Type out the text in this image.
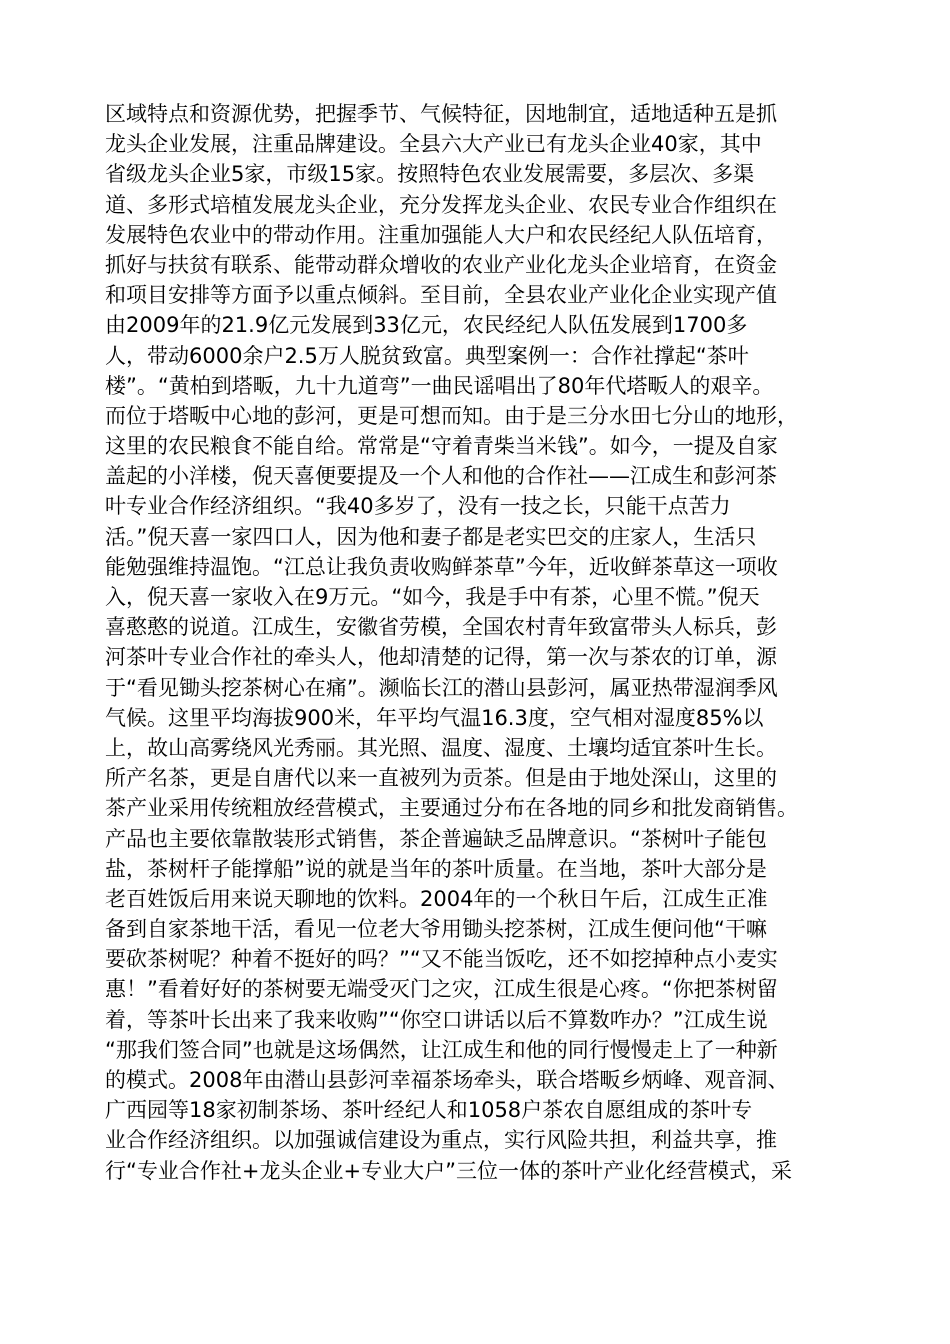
区域特点和资源优势，把握季节、气候特征，因地制宜，适地适种五是抓
龙头企业发展，注重品牌建设。全县六大产业已有龙头企业40家，其中
省级龙头企业5家，市级15家。按照特色农业发展需要，多层次、多渠
道、多形式培植发展龙头企业，充分发挥龙头企业、农民专业合作组织在
发展特色农业中的带动作用。注重加强能人大户和农民经纪人队伍培育，
抓好与扶贫有联系、能带动群众增收的农业产业化龙头企业培育，在资金
和项目安排等方面予以重点倾斜。至目前，全县农业产业化企业实现产值
由2009年的21.9亿元发展到33亿元，农民经纪人队伍发展到1700多
人，带动6000余户2.5万人脱贫致富。典型案例一：合作社撑起“茶叶
楼”。“黄柏到塔畈，九十九道弯”一曲民谣唱出了80年代塔畈人的艰辛。
而位于塔畈中心地的彭河，更是可想而知。由于是三分水田七分山的地形，
这里的农民粮食不能自给。常常是“守着青柴当米钱”。如今，一提及自家
盖起的小洋楼，倪天喜便要提及一个人和他的合作社——江成生和彭河茶
叶专业合作经济组织。“我40多岁了，没有一技之长，只能干点苦力
活。”倪天喜一家四口人，因为他和妻子都是老实巴交的庄家人，生活只
能勉强维持温饱。“江总让我负责收购鲜茶草”今年，近收鲜茶草这一项收
入，倪天喜一家收入在9万元。“如今，我是手中有茶，心里不慌。”倪天
喜憨憨的说道。江成生，安徽省劳模，全国农村青年致富带头人标兵，彭
河茶叶专业合作社的牵头人，他却清楚的记得，第一次与茶农的订单，源
于“看见锄头挖茶树心在痛”。濒临长江的潜山县彭河，属亚热带湿润季风
气候。这里平均海拔900米，年平均气温16.3度，空气相对湿度85%以
上，故山高雾绕风光秀丽。其光照、温度、湿度、土壤均适宜茶叶生长。
所产名茶，更是自唐代以来一直被列为贡茶。但是由于地处深山，这里的
茶产业采用传统粗放经营模式，主要通过分布在各地的同乡和批发商销售。
产品也主要依靠散装形式销售，茶企普遍缺乏品牌意识。“茶树叶子能包
盐，茶树杆子能撑船”说的就是当年的茶叶质量。在当地，茶叶大部分是
老百姓饭后用来说天聊地的饮料。2004年的一个秋日午后，江成生正准
备到自家茶地干活，看见一位老大爷用锄头挖茶树，江成生便问他“干嘛
要砍茶树呢？种着不挺好的吗？”“又不能当饭吃，还不如挖掉种点小麦实
惠！”看着好好的茶树要无端受灭门之灾，江成生很是心疼。“你把茶树留
着，等茶叶长出来了我来收购”“你空口讲话以后不算数咋办？”江成生说
“那我们签合同”也就是这场偶然，让江成生和他的同行慢慢走上了一种新
的模式。2008年由潜山县彭河幸福茶场牵头，联合塔畈乡炳峰、观音洞、
广西园等18家初制茶场、茶叶经纪人和1058户茶农自愿组成的茶叶专
业合作经济组织。以加强诚信建设为重点，实行风险共担，利益共享，推
行“专业合作社+龙头企业+专业大户”三位一体的茶叶产业化经营模式，采
